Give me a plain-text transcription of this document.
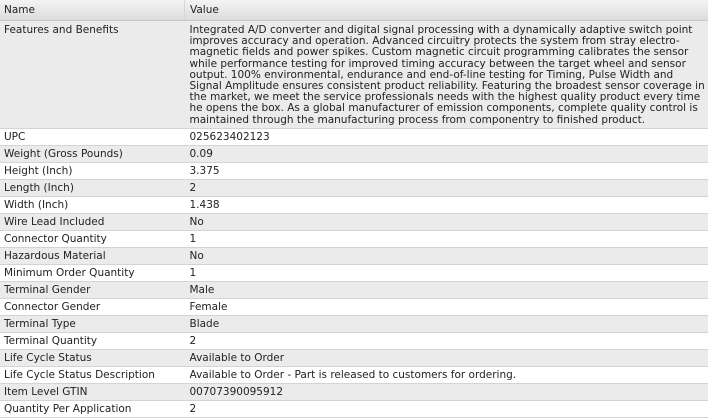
Name	Value
Features and Benefits	Integrated A/D converter and digital signal processing with a dynamically adaptive switch point improves accuracy and operation. Advanced circuitry protects the system from stray electro-magnetic fields and power spikes. Custom magnetic circuit programming calibrates the sensor while performance testing for improved timing accuracy between the target wheel and sensor output. 100% environmental, endurance and end-of-line testing for Timing, Pulse Width and Signal Amplitude ensures consistent product reliability. Featuring the broadest sensor coverage in the market, we meet the service professionals needs with the highest quality product every time he opens the box. As a global manufacturer of emission components, complete quality control is maintained through the manufacturing process from componentry to finished product.
UPC	025623402123
Weight (Gross Pounds)	0.09
Height (Inch)	3.375
Length (Inch)	2
Width (Inch)	1.438
Wire Lead Included	No
Connector Quantity	1
Hazardous Material	No
Minimum Order Quantity	1
Terminal Gender	Male
Connector Gender	Female
Terminal Type	Blade
Terminal Quantity	2
Life Cycle Status	Available to Order
Life Cycle Status Description	Available to Order - Part is released to customers for ordering.
Item Level GTIN	00707390095912
Quantity Per Application	2
